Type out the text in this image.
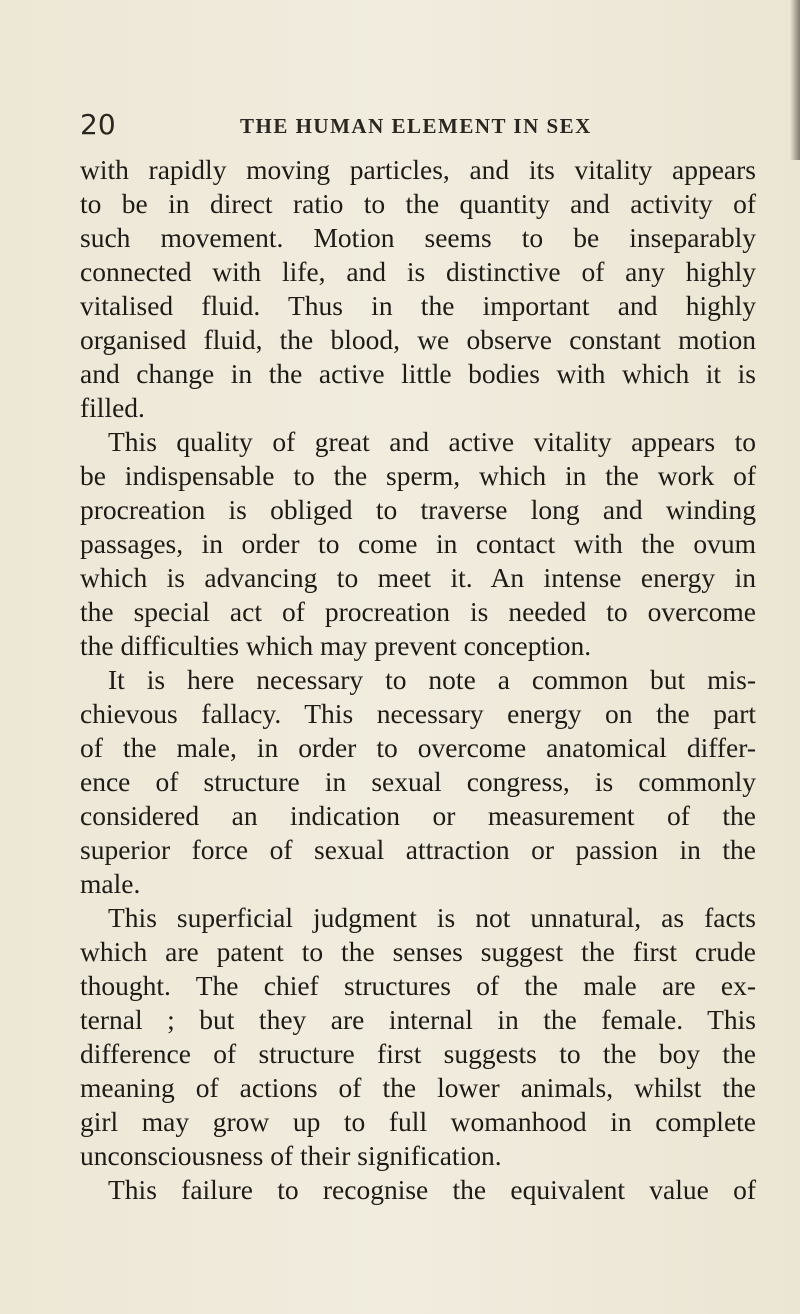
20	THE HUMAN ELEMENT IN SEX
with rapidly moving particles, and its vitality appears
to be in direct ratio to the quantity and activity of
such movement. Motion seems to be inseparably
connected with life, and is distinctive of any highly
vitalised fluid. Thus in the important and highly
organised fluid, the blood, we observe constant motion
and change in the active little bodies with which it is
filled.
This quality of great and active vitality appears to
be indispensable to the sperm, which in the work of
procreation is obliged to traverse long and winding
passages, in order to come in contact with the ovum
which is advancing to meet it. An intense energy in
the special act of procreation is needed to overcome
the difficulties which may prevent conception.
It is here necessary to note a common but mis-
chievous fallacy. This necessary energy on the part
of the male, in order to overcome anatomical differ-
ence of structure in sexual congress, is commonly
considered an indication or measurement of the
superior force of sexual attraction or passion in the
male.
This superficial judgment is not unnatural, as facts
which are patent to the senses suggest the first crude
thought. The chief structures of the male are ex-
ternal ; but they are internal in the female. This
difference of structure first suggests to the boy the
meaning of actions of the lower animals, whilst the
girl may grow up to full womanhood in complete
unconsciousness of their signification.
This failure to recognise the equivalent value of
